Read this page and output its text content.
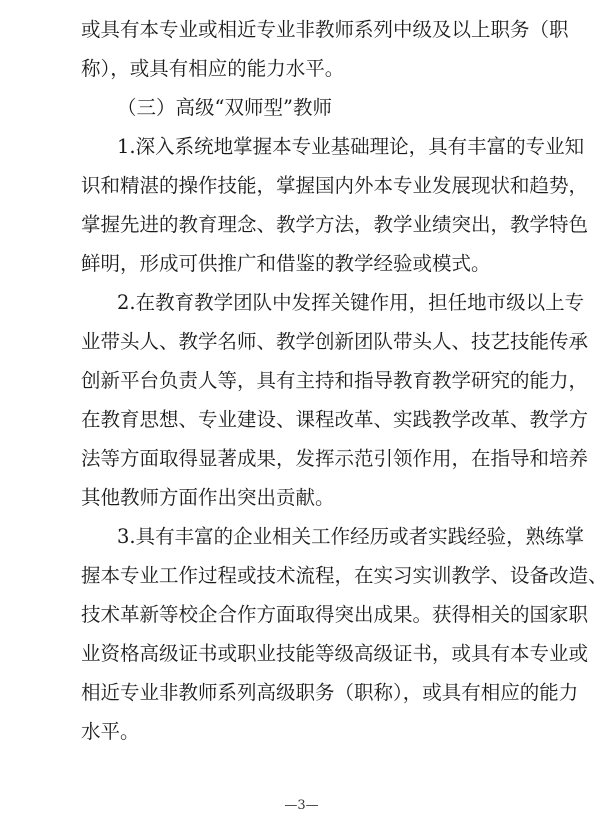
或具有本专业或相近专业非教师系列中级及以上职务（职
称），或具有相应的能力水平。
（三）高级“双师型”教师
1.深入系统地掌握本专业基础理论，具有丰富的专业知
识和精湛的操作技能，掌握国内外本专业发展现状和趋势，
掌握先进的教育理念、教学方法，教学业绩突出，教学特色
鲜明，形成可供推广和借鉴的教学经验或模式。
2.在教育教学团队中发挥关键作用，担任地市级以上专
业带头人、教学名师、教学创新团队带头人、技艺技能传承
创新平台负责人等，具有主持和指导教育教学研究的能力，
在教育思想、专业建设、课程改革、实践教学改革、教学方
法等方面取得显著成果，发挥示范引领作用，在指导和培养
其他教师方面作出突出贡献。
3.具有丰富的企业相关工作经历或者实践经验，熟练掌
握本专业工作过程或技术流程，在实习实训教学、设备改造、
技术革新等校企合作方面取得突出成果。获得相关的国家职
业资格高级证书或职业技能等级高级证书，或具有本专业或
相近专业非教师系列高级职务（职称），或具有相应的能力
水平。
—3—
